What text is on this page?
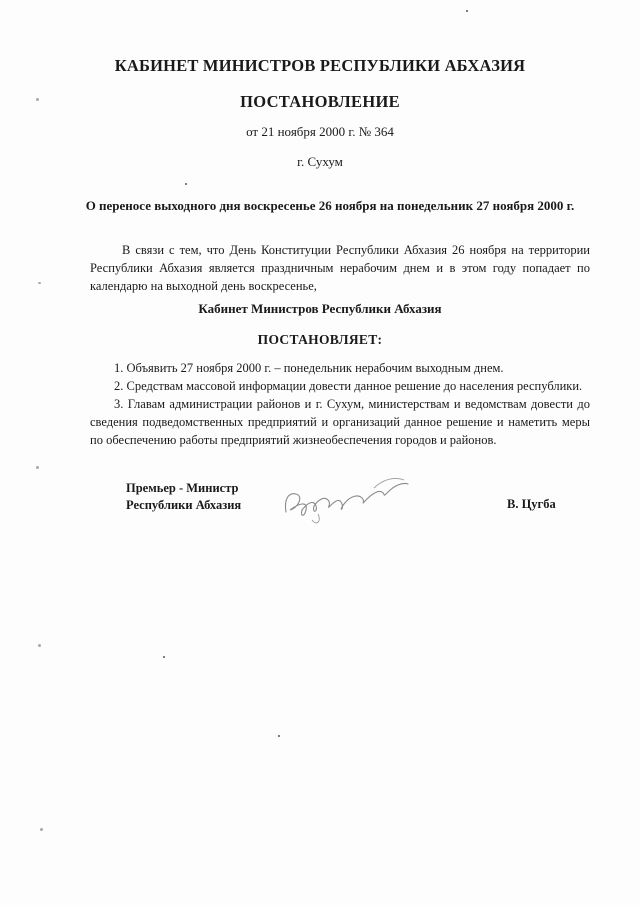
КАБИНЕТ МИНИСТРОВ РЕСПУБЛИКИ АБХАЗИЯ
ПОСТАНОВЛЕНИЕ
от 21 ноября 2000 г. № 364
г. Сухум
О переносе выходного дня воскресенье 26 ноября на понедельник 27 ноября 2000 г.
В связи с тем, что День Конституции Республики Абхазия 26 ноября на территории Республики Абхазия является праздничным нерабочим днем и в этом году попадает по календарю на выходной день воскресенье,
Кабинет Министров Республики Абхазия
ПОСТАНОВЛЯЕТ:
1. Объявить 27 ноября 2000 г. – понедельник нерабочим выходным днем.
2. Средствам массовой информации довести данное решение до населения республики.
3. Главам администрации районов и г. Сухум, министерствам и ведомствам довести до сведения подведомственных предприятий и организаций данное решение и наметить меры по обеспечению работы предприятий жизнеобеспечения городов и районов.
Премьер - Министр
Республики Абхазия	В. Цугба
